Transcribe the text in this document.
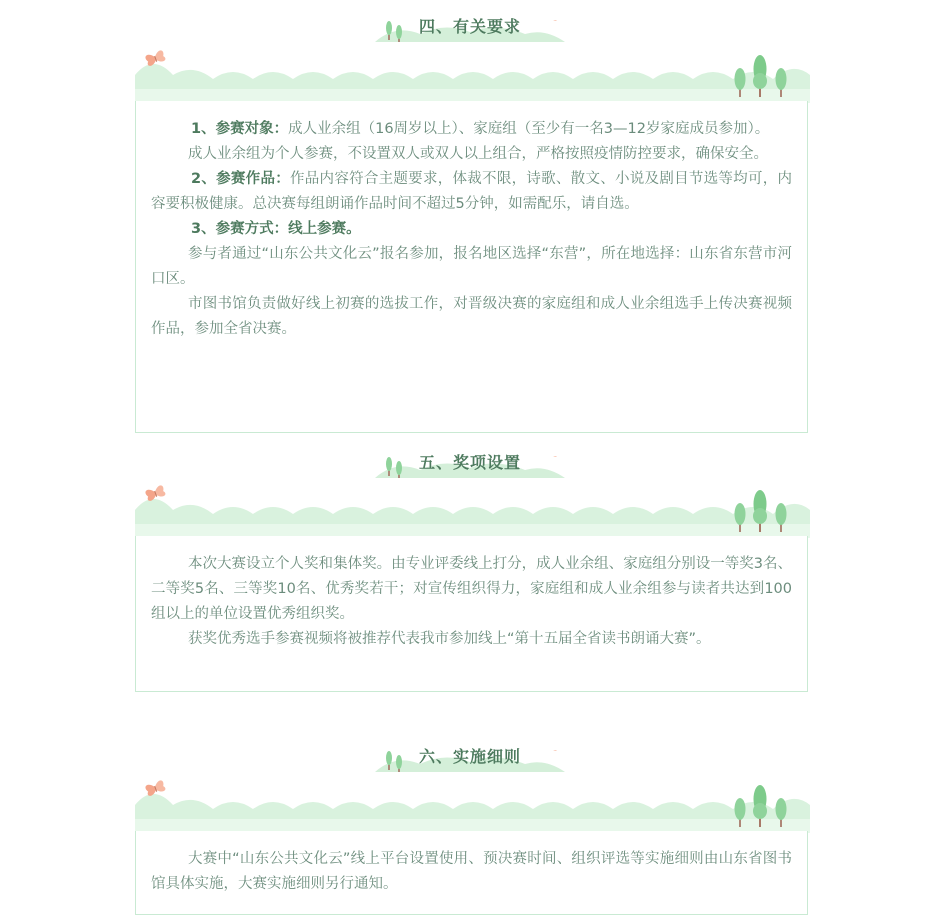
四、有关要求

1、参赛对象：成人业余组（16周岁以上）、家庭组（至少有一名3—12岁家庭成员参加）。

成人业余组为个人参赛，不设置双人或双人以上组合，严格按照疫情防控要求，确保安全。

2、参赛作品：作品内容符合主题要求，体裁不限，诗歌、散文、小说及剧目节选等均可，内容要积极健康。总决赛每组朗诵作品时间不超过5分钟，如需配乐，请自选。

3、参赛方式：线上参赛。

参与者通过“山东公共文化云”报名参加，报名地区选择“东营”，所在地选择：山东省东营市河口区。

市图书馆负责做好线上初赛的选拔工作，对晋级决赛的家庭组和成人业余组选手上传决赛视频作品，参加全省决赛。

五、奖项设置

本次大赛设立个人奖和集体奖。由专业评委线上打分，成人业余组、家庭组分别设一等奖3名、二等奖5名、三等奖10名、优秀奖若干；对宣传组织得力，家庭组和成人业余组参与读者共达到100组以上的单位设置优秀组织奖。

获奖优秀选手参赛视频将被推荐代表我市参加线上“第十五届全省读书朗诵大赛”。

六、实施细则

大赛中“山东公共文化云”线上平台设置使用、预决赛时间、组织评选等实施细则由山东省图书馆具体实施，大赛实施细则另行通知。
